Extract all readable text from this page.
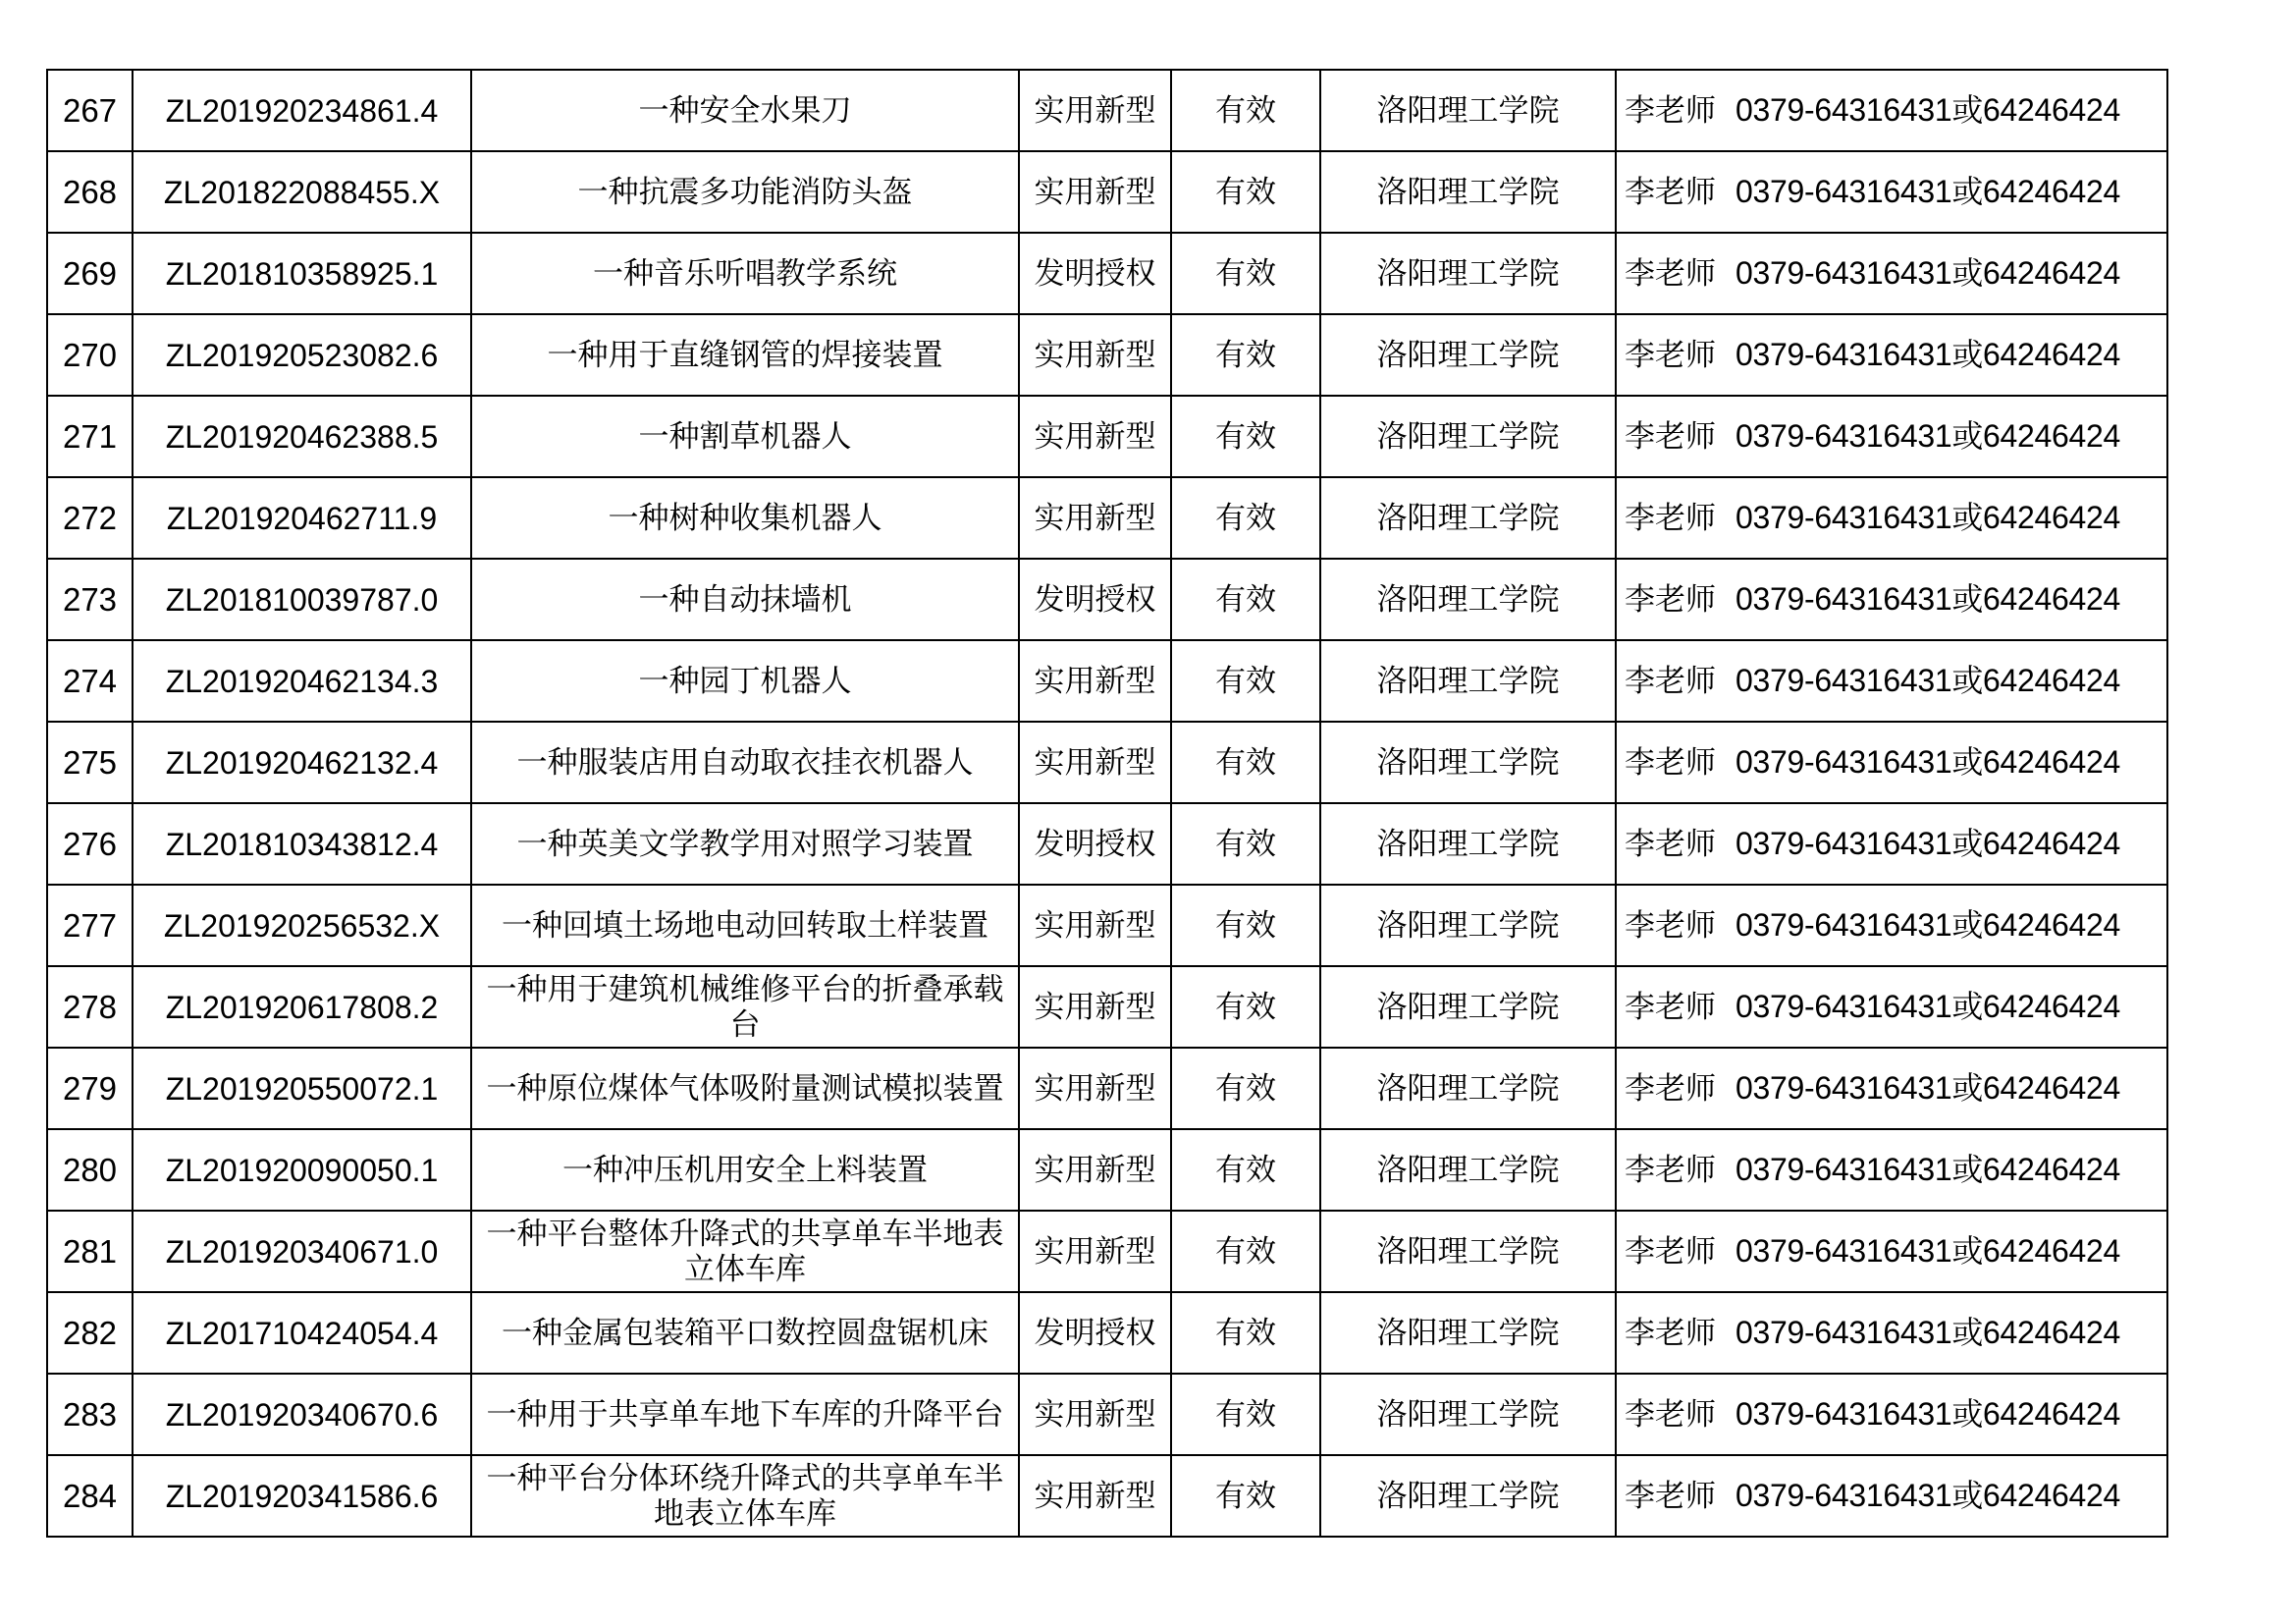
267	ZL201920234861.4	一种安全水果刀	实用新型	有效	洛阳理工学院	李老师 0379-64316431或64246424
268	ZL201822088455.X	一种抗震多功能消防头盔	实用新型	有效	洛阳理工学院	李老师 0379-64316431或64246424
269	ZL201810358925.1	一种音乐听唱教学系统	发明授权	有效	洛阳理工学院	李老师 0379-64316431或64246424
270	ZL201920523082.6	一种用于直缝钢管的焊接装置	实用新型	有效	洛阳理工学院	李老师 0379-64316431或64246424
271	ZL201920462388.5	一种割草机器人	实用新型	有效	洛阳理工学院	李老师 0379-64316431或64246424
272	ZL201920462711.9	一种树种收集机器人	实用新型	有效	洛阳理工学院	李老师 0379-64316431或64246424
273	ZL201810039787.0	一种自动抹墙机	发明授权	有效	洛阳理工学院	李老师 0379-64316431或64246424
274	ZL201920462134.3	一种园丁机器人	实用新型	有效	洛阳理工学院	李老师 0379-64316431或64246424
275	ZL201920462132.4	一种服装店用自动取衣挂衣机器人	实用新型	有效	洛阳理工学院	李老师 0379-64316431或64246424
276	ZL201810343812.4	一种英美文学教学用对照学习装置	发明授权	有效	洛阳理工学院	李老师 0379-64316431或64246424
277	ZL201920256532.X	一种回填土场地电动回转取土样装置	实用新型	有效	洛阳理工学院	李老师 0379-64316431或64246424
278	ZL201920617808.2	一种用于建筑机械维修平台的折叠承载台	实用新型	有效	洛阳理工学院	李老师 0379-64316431或64246424
279	ZL201920550072.1	一种原位煤体气体吸附量测试模拟装置	实用新型	有效	洛阳理工学院	李老师 0379-64316431或64246424
280	ZL201920090050.1	一种冲压机用安全上料装置	实用新型	有效	洛阳理工学院	李老师 0379-64316431或64246424
281	ZL201920340671.0	一种平台整体升降式的共享单车半地表立体车库	实用新型	有效	洛阳理工学院	李老师 0379-64316431或64246424
282	ZL201710424054.4	一种金属包装箱平口数控圆盘锯机床	发明授权	有效	洛阳理工学院	李老师 0379-64316431或64246424
283	ZL201920340670.6	一种用于共享单车地下车库的升降平台	实用新型	有效	洛阳理工学院	李老师 0379-64316431或64246424
284	ZL201920341586.6	一种平台分体环绕升降式的共享单车半地表立体车库	实用新型	有效	洛阳理工学院	李老师 0379-64316431或64246424
